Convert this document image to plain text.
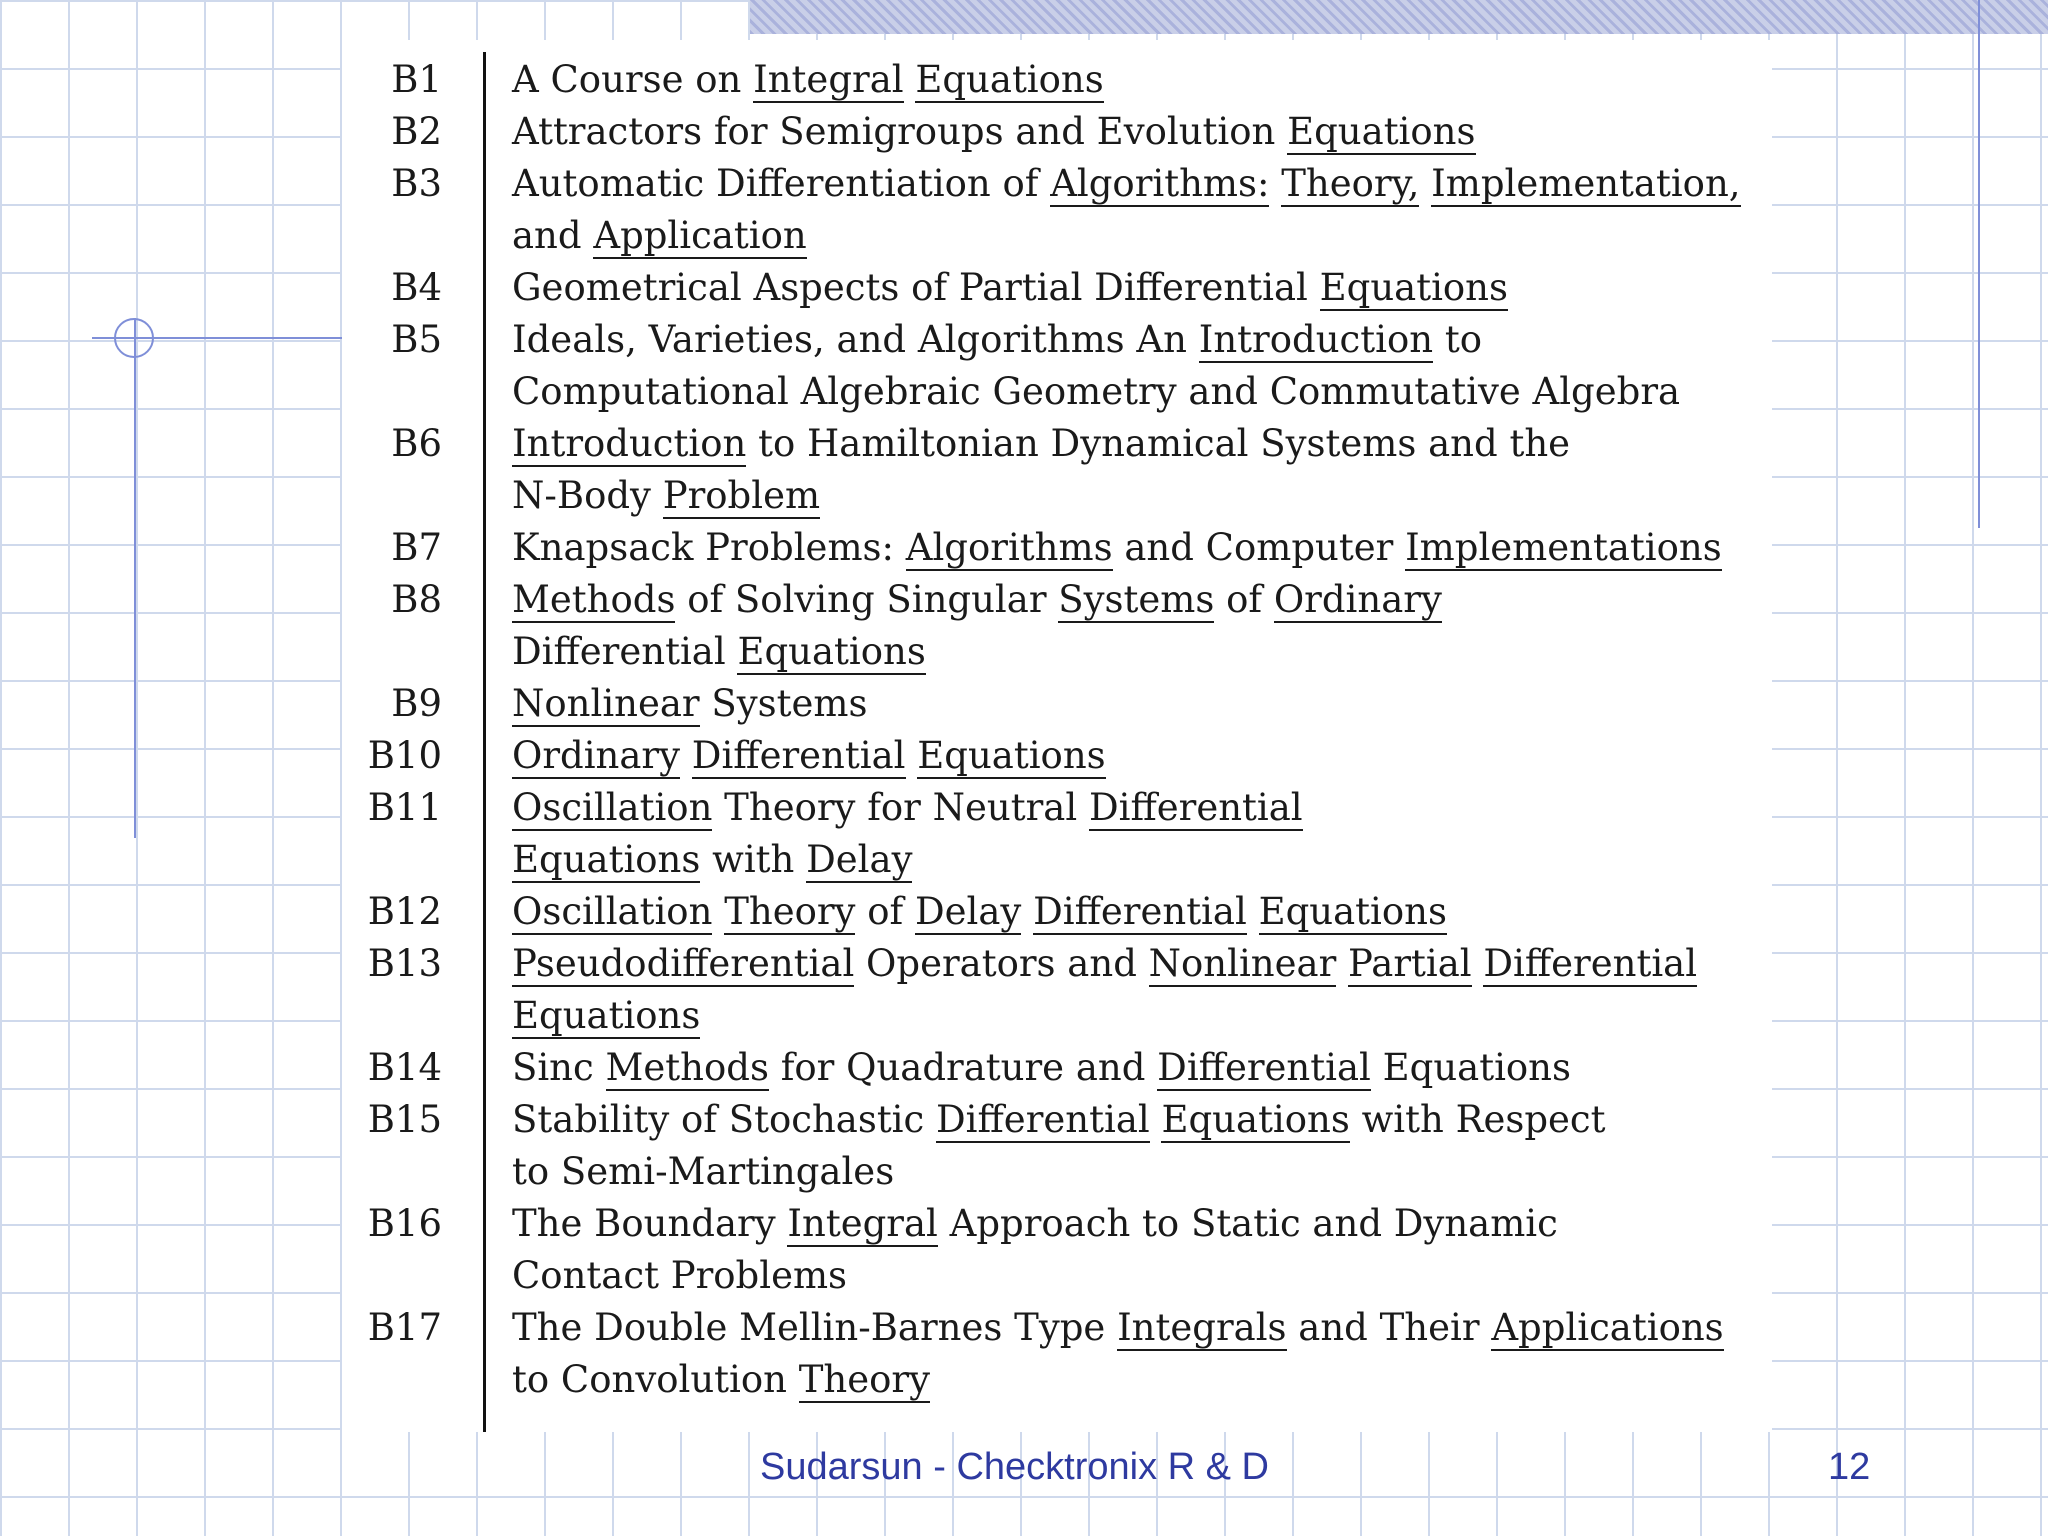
B1 A Course on Integral Equations
B2 Attractors for Semigroups and Evolution Equations
B3 Automatic Differentiation of Algorithms: Theory, Implementation,
and Application
B4 Geometrical Aspects of Partial Differential Equations
B5 Ideals, Varieties, and Algorithms An Introduction to
Computational Algebraic Geometry and Commutative Algebra
B6 Introduction to Hamiltonian Dynamical Systems and the
N-Body Problem
B7 Knapsack Problems: Algorithms and Computer Implementations
B8 Methods of Solving Singular Systems of Ordinary
Differential Equations
B9 Nonlinear Systems
B10 Ordinary Differential Equations
B11 Oscillation Theory for Neutral Differential
Equations with Delay
B12 Oscillation Theory of Delay Differential Equations
B13 Pseudodifferential Operators and Nonlinear Partial Differential
Equations
B14 Sinc Methods for Quadrature and Differential Equations
B15 Stability of Stochastic Differential Equations with Respect
to Semi-Martingales
B16 The Boundary Integral Approach to Static and Dynamic
Contact Problems
B17 The Double Mellin-Barnes Type Integrals and Their Applications
to Convolution Theory
Sudarsun - Checktronix R & D	12
